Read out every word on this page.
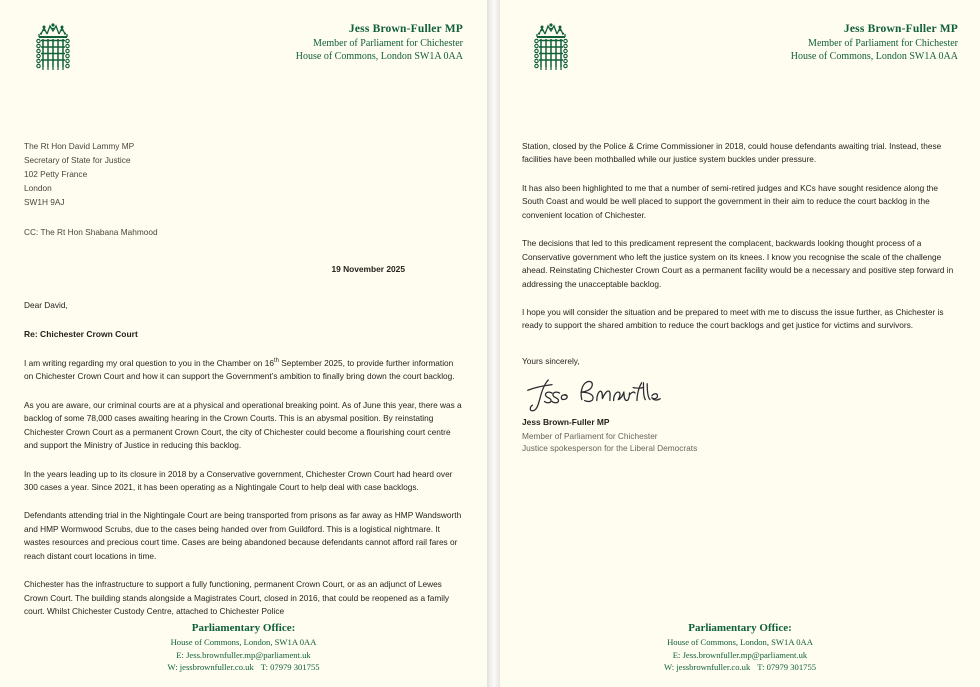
Jess Brown-Fuller MP
Member of Parliament for Chichester
House of Commons, London SW1A 0AA
The Rt Hon David Lammy MP
Secretary of State for Justice
102 Petty France
London
SW1H 9AJ
CC: The Rt Hon Shabana Mahmood
19 November 2025
Dear David,
Re: Chichester Crown Court

I am writing regarding my oral question to you in the Chamber on 16th September 2025, to provide further information on Chichester Crown Court and how it can support the Government’s ambition to finally bring down the court backlog.

As you are aware, our criminal courts are at a physical and operational breaking point. As of June this year, there was a backlog of some 78,000 cases awaiting hearing in the Crown Courts. This is an abysmal position. By reinstating Chichester Crown Court as a permanent Crown Court, the city of Chichester could become a flourishing court centre and support the Ministry of Justice in reducing this backlog.

In the years leading up to its closure in 2018 by a Conservative government, Chichester Crown Court had heard over 300 cases a year. Since 2021, it has been operating as a Nightingale Court to help deal with case backlogs.

Defendants attending trial in the Nightingale Court are being transported from prisons as far away as HMP Wandsworth and HMP Wormwood Scrubs, due to the cases being handed over from Guildford. This is a logistical nightmare. It wastes resources and precious court time. Cases are being abandoned because defendants cannot afford rail fares or reach distant court locations in time.

Chichester has the infrastructure to support a fully functioning, permanent Crown Court, or as an adjunct of Lewes Crown Court. The building stands alongside a Magistrates Court, closed in 2016, that could be reopened as a family court. Whilst Chichester Custody Centre, attached to Chichester Police

Parliamentary Office:
House of Commons, London, SW1A 0AA
E: Jess.brownfuller.mp@parliament.uk
W: jessbrownfuller.co.uk T: 07979 301755
Jess Brown-Fuller MP
Member of Parliament for Chichester
House of Commons, London SW1A 0AA

Station, closed by the Police & Crime Commissioner in 2018, could house defendants awaiting trial. Instead, these facilities have been mothballed while our justice system buckles under pressure.

It has also been highlighted to me that a number of semi-retired judges and KCs have sought residence along the South Coast and would be well placed to support the government in their aim to reduce the court backlog in the convenient location of Chichester.

The decisions that led to this predicament represent the complacent, backwards looking thought process of a Conservative government who left the justice system on its knees. I know you recognise the scale of the challenge ahead. Reinstating Chichester Crown Court as a permanent facility would be a necessary and positive step forward in addressing the unacceptable backlog.

I hope you will consider the situation and be prepared to meet with me to discuss the issue further, as Chichester is ready to support the shared ambition to reduce the court backlogs and get justice for victims and survivors.

Yours sincerely,
Jess Brown-Fuller MP
Member of Parliament for Chichester
Justice spokesperson for the Liberal Democrats
Parliamentary Office:
House of Commons, London, SW1A 0AA
E: Jess.brownfuller.mp@parliament.uk
W: jessbrownfuller.co.uk T: 07979 301755
